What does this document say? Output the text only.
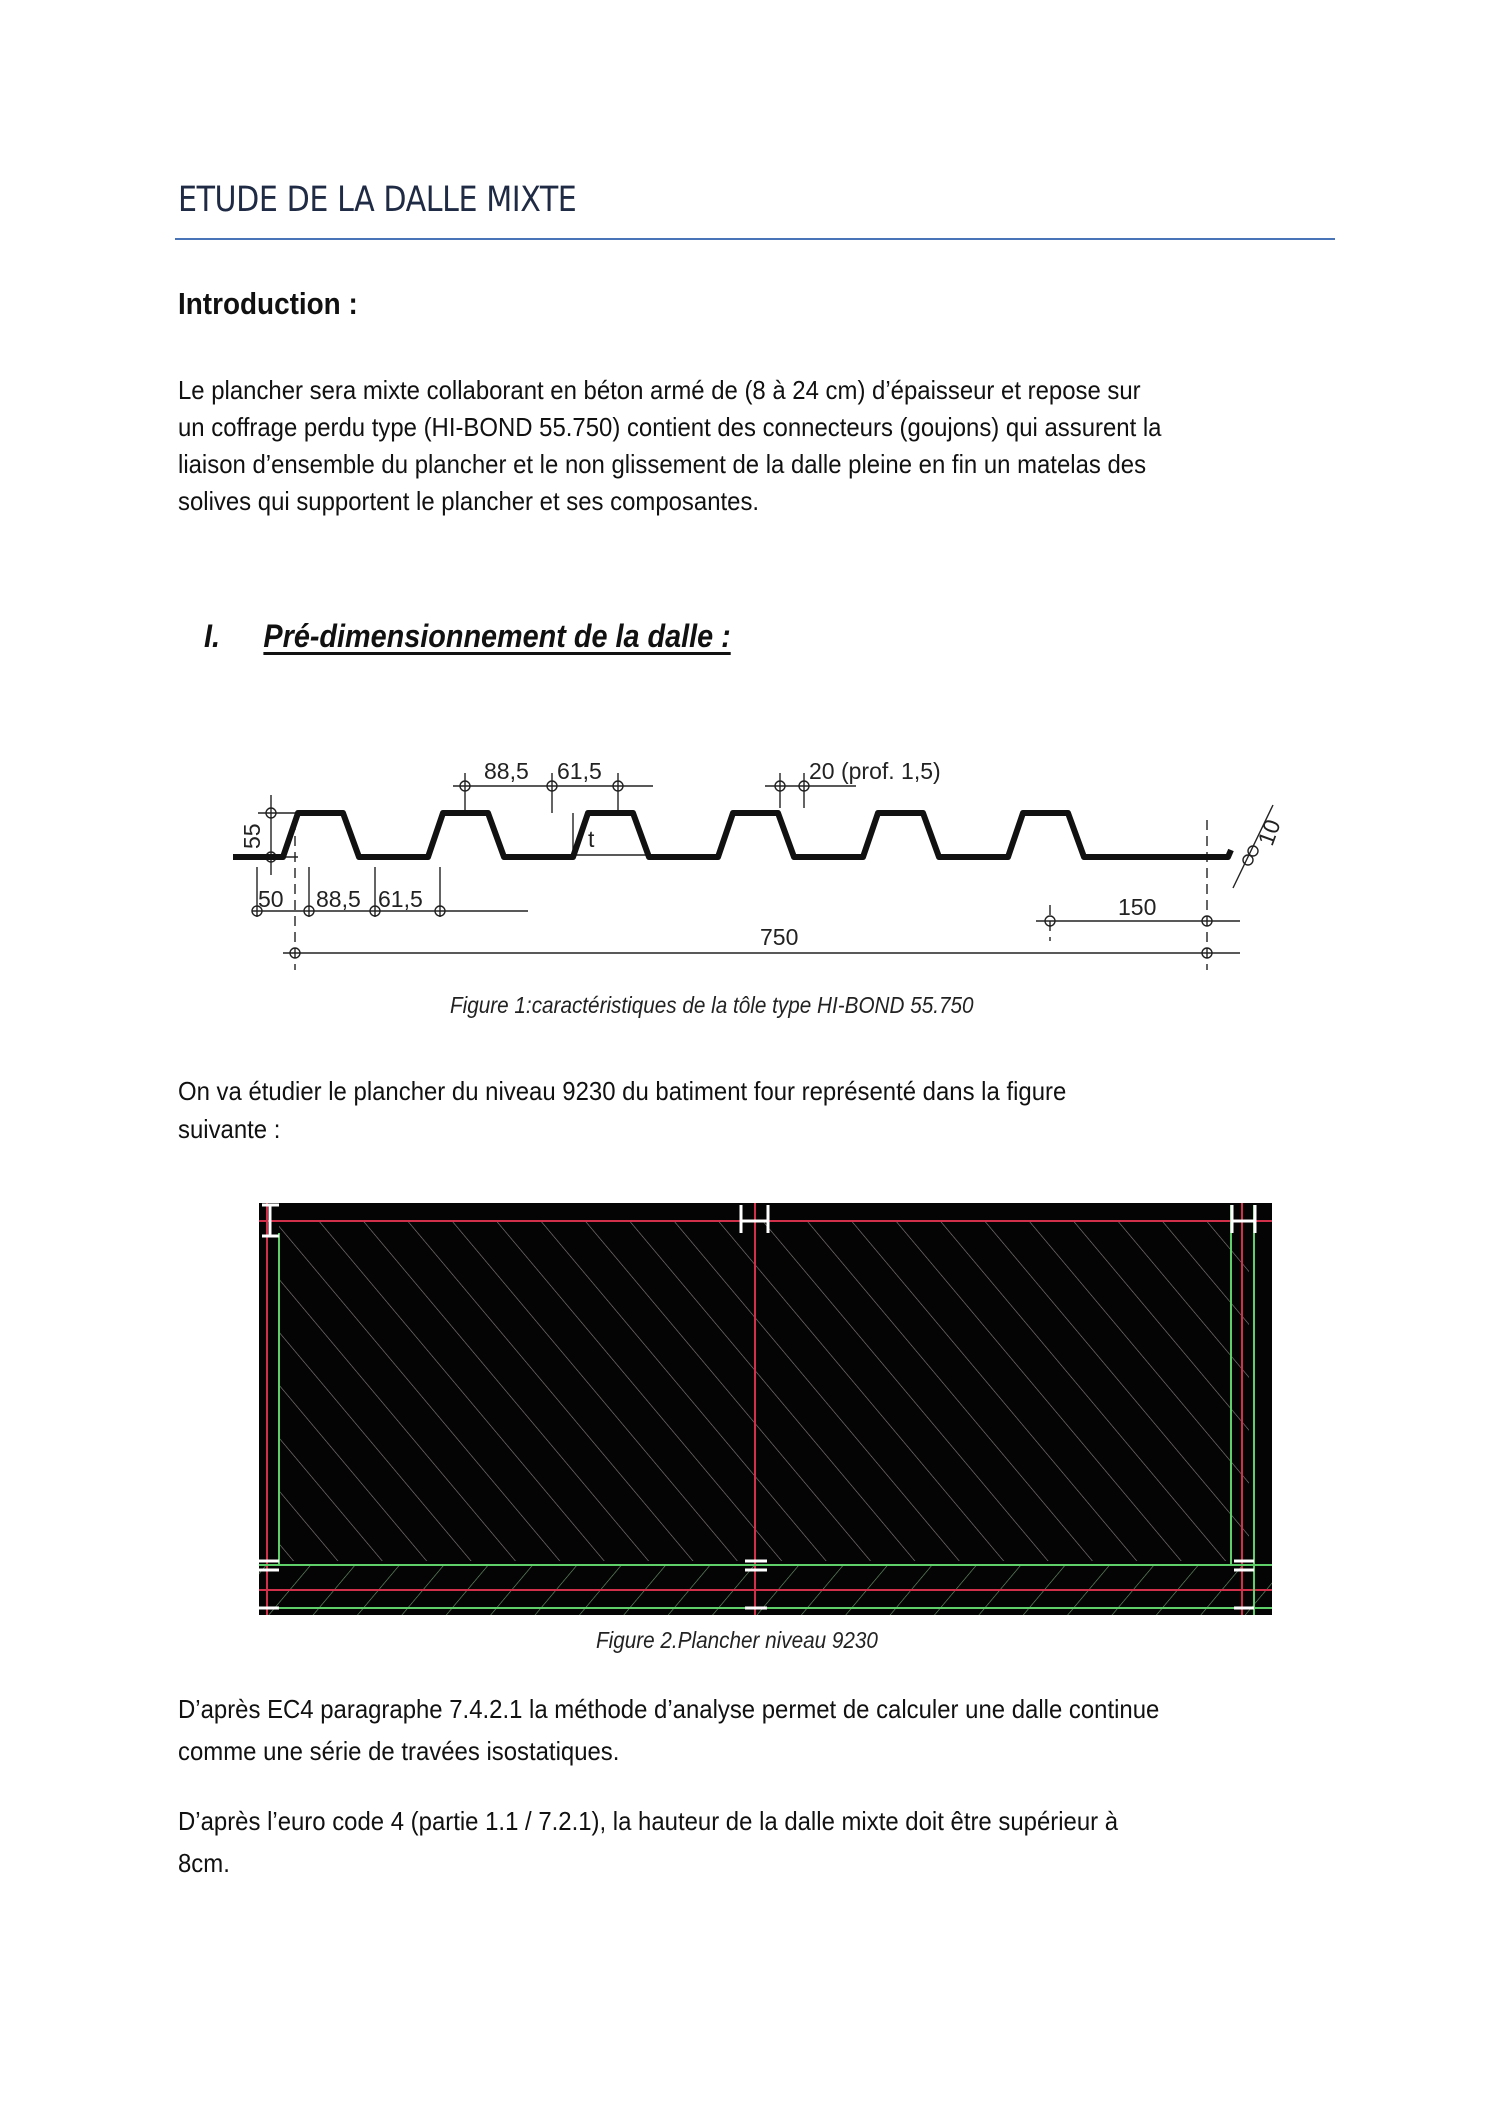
ETUDE DE LA DALLE MIXTE
Introduction :

Le plancher sera mixte collaborant en béton armé de (8 à 24 cm) d’épaisseur et repose sur

un coffrage perdu type (HI-BOND 55.750) contient des connecteurs (goujons) qui assurent la

liaison d’ensemble du plancher et le non glissement de la dalle pleine en fin un matelas des

solives qui supportent le plancher et ses composantes.

I. Pré-dimensionnement de la dalle :
55
88,5 61,5	20 (prof. 1,5)
t
50 88,5 61,5
750
150
10
Figure 1:caractéristiques de la tôle type HI-BOND 55.750

On va étudier le plancher du niveau 9230 du batiment four représenté dans la figure

suivante :

Figure 2.Plancher niveau 9230

D’après EC4 paragraphe 7.4.2.1 la méthode d’analyse permet de calculer une dalle continue

comme une série de travées isostatiques.

D’après l’euro code 4 (partie 1.1 / 7.2.1), la hauteur de la dalle mixte doit être supérieur à

8cm.
